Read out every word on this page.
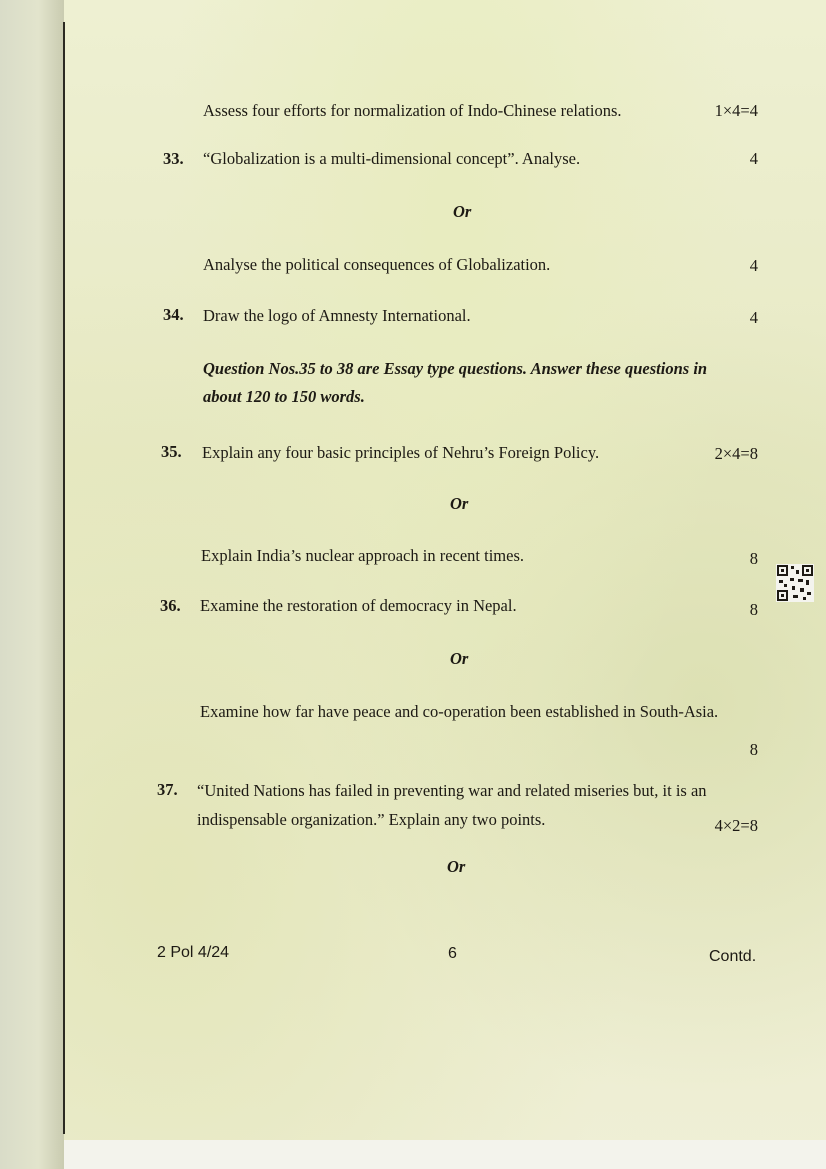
Assess four efforts for normalization of Indo-Chinese relations.	1×4=4
33. “Globalization is a multi-dimensional concept”. Analyse.	4
Or
Analyse the political consequences of Globalization.	4
34. Draw the logo of Amnesty International.	4
Question Nos.35 to 38 are Essay type questions. Answer these questions in
about 120 to 150 words.
35. Explain any four basic principles of Nehru’s Foreign Policy.	2×4=8
Or
Explain India’s nuclear approach in recent times.	8
36. Examine the restoration of democracy in Nepal.	8
Or
Examine how far have peace and co-operation been established in South-Asia.
8
37. “United Nations has failed in preventing war and related miseries but, it is an
indispensable organization.” Explain any two points.	4×2=8
Or
2 Pol 4/24	6	Contd.
